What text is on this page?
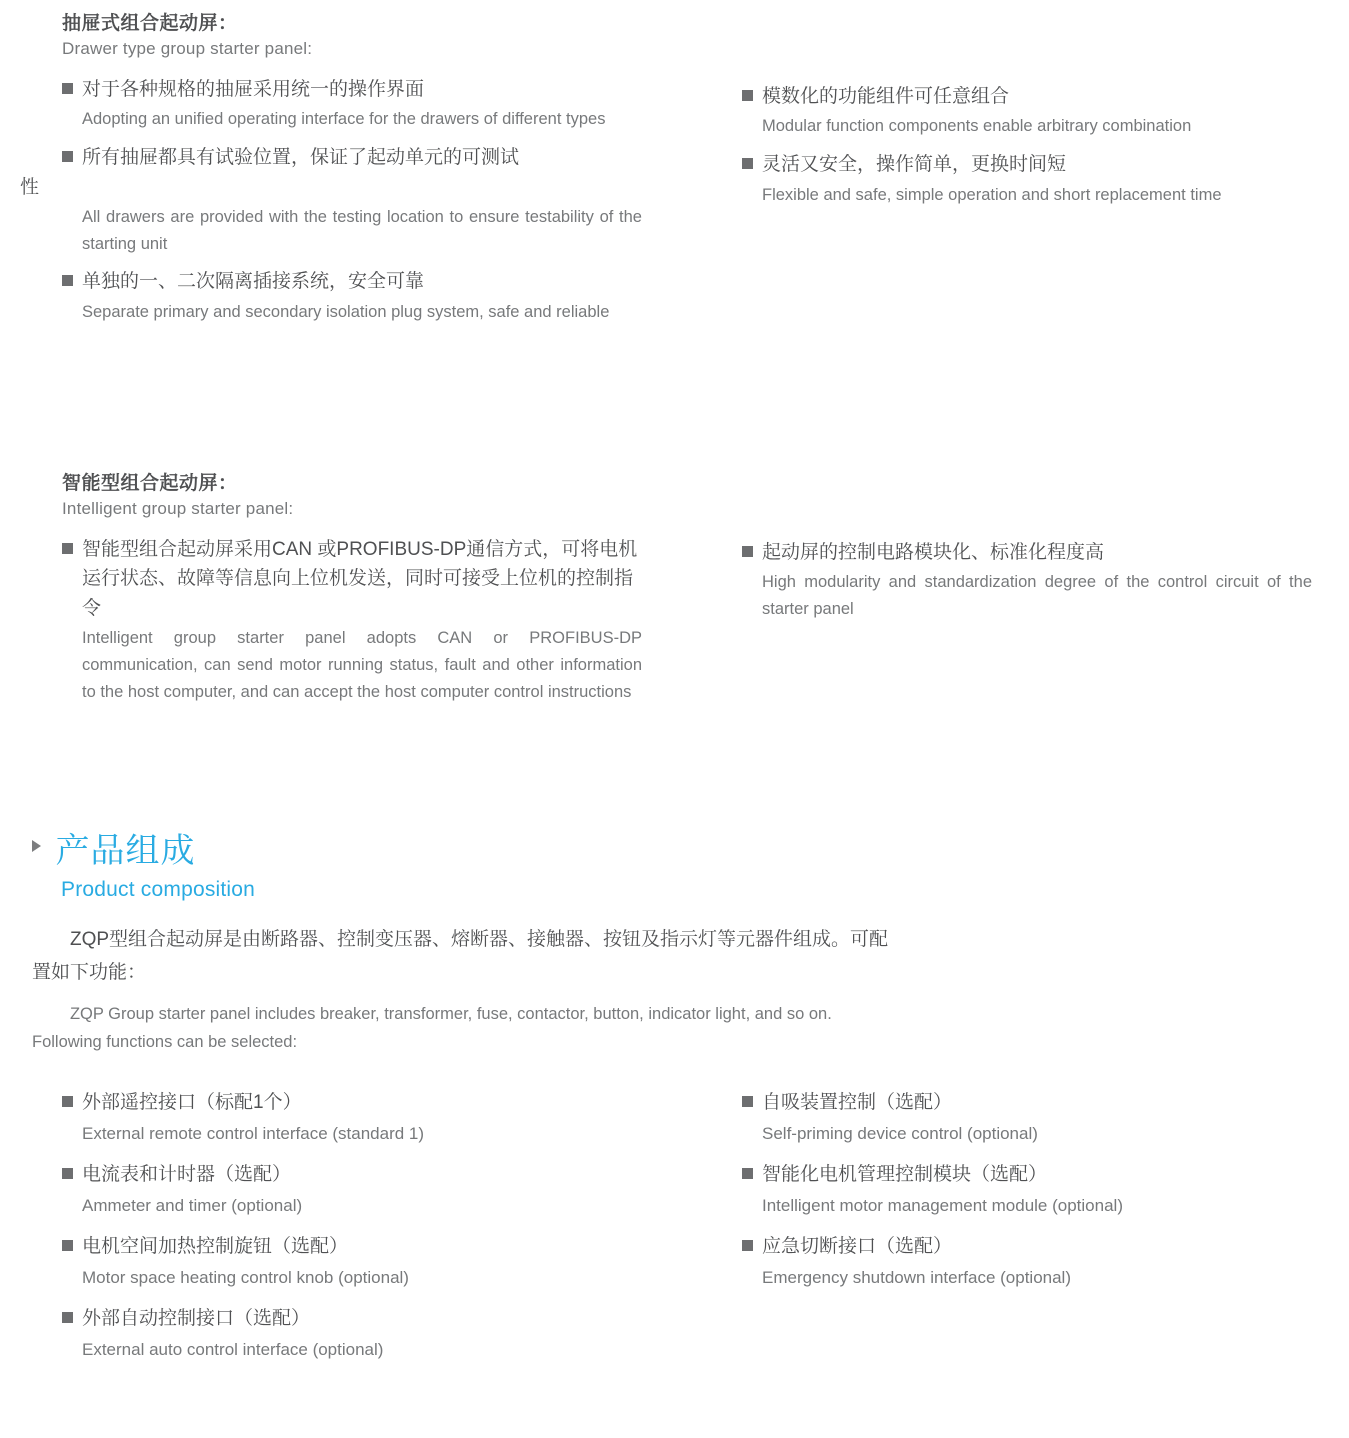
抽屉式组合起动屏：
Drawer type group starter panel:
对于各种规格的抽屉采用统一的操作界面
Adopting an unified operating interface for the drawers of different types
所有抽屉都具有试验位置，保证了起动单元的可测试
性
All drawers are provided with the testing location to ensure testability of the starting unit
单独的一、二次隔离插接系统，安全可靠
Separate primary and secondary isolation plug system, safe and reliable
模数化的功能组件可任意组合
Modular function components enable arbitrary combination
灵活又安全，操作简单，更换时间短
Flexible and safe, simple operation and short replacement time
智能型组合起动屏：
Intelligent group starter panel:
智能型组合起动屏采用CAN 或PROFIBUS-DP通信方式，可将电机运行状态、故障等信息向上位机发送，同时可接受上位机的控制指令
Intelligent group starter panel adopts CAN or PROFIBUS-DP communication, can send motor running status, fault and other information to the host computer, and can accept the host computer control instructions
起动屏的控制电路模块化、标准化程度高
High modularity and standardization degree of the control circuit of the starter panel
产品组成
Product composition

ZQP型组合起动屏是由断路器、控制变压器、熔断器、接触器、按钮及指示灯等元器件组成。可配置如下功能：

ZQP Group starter panel includes breaker, transformer, fuse, contactor, button, indicator light, and so on. Following functions can be selected:

外部遥控接口（标配1个）
External remote control interface (standard 1)
电流表和计时器（选配）
Ammeter and timer (optional)
电机空间加热控制旋钮（选配）
Motor space heating control knob (optional)
外部自动控制接口（选配）
External auto control interface (optional)
自吸装置控制（选配）
Self-priming device control (optional)
智能化电机管理控制模块（选配）
Intelligent motor management module (optional)
应急切断接口（选配）
Emergency shutdown interface (optional)
